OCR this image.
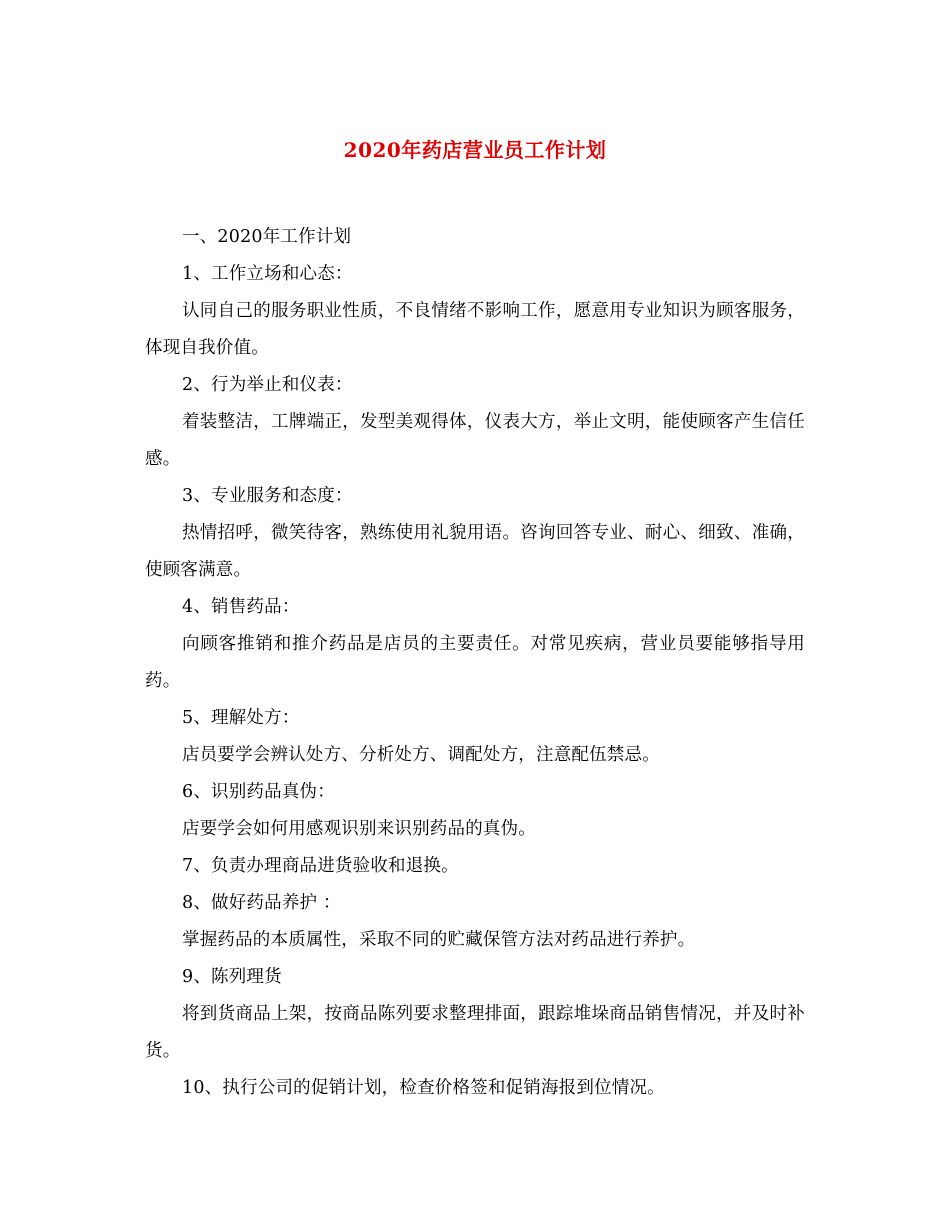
2020年药店营业员工作计划

一、2020年工作计划

1、工作立场和心态：

认同自己的服务职业性质，不良情绪不影响工作，愿意用专业知识为顾客服务，体现自我价值。

2、行为举止和仪表：

着装整洁，工牌端正，发型美观得体，仪表大方，举止文明，能使顾客产生信任感。

3、专业服务和态度：

热情招呼，微笑待客，熟练使用礼貌用语。咨询回答专业、耐心、细致、准确，使顾客满意。

4、销售药品：

向顾客推销和推介药品是店员的主要责任。对常见疾病，营业员要能够指导用药。

5、理解处方：

店员要学会辨认处方、分析处方、调配处方，注意配伍禁忌。

6、识别药品真伪：

店要学会如何用感观识别来识别药品的真伪。

7、负责办理商品进货验收和退换。

8、做好药品养护 ：

掌握药品的本质属性，采取不同的贮藏保管方法对药品进行养护。

9、陈列理货

将到货商品上架，按商品陈列要求整理排面，跟踪堆垛商品销售情况，并及时补货。

10、执行公司的促销计划，检查价格签和促销海报到位情况。
